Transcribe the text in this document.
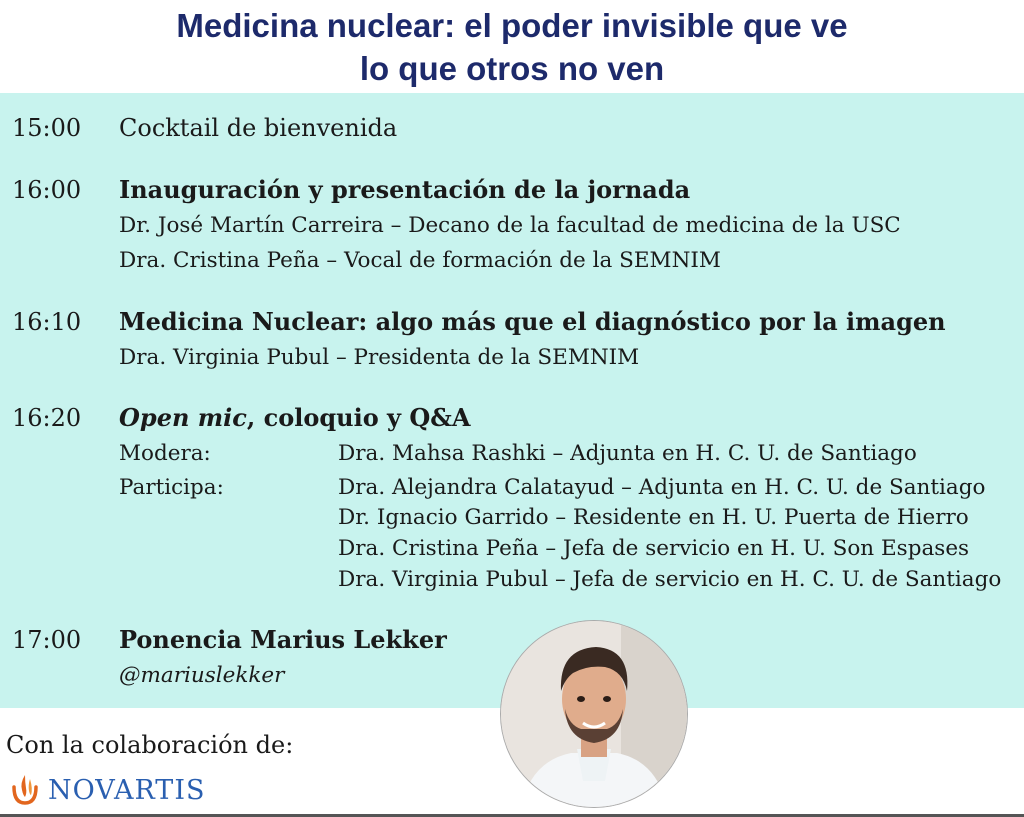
Medicina nuclear: el poder invisible que ve
lo que otros no ven
15:00 Cocktail de bienvenida
16:00 Inauguración y presentación de la jornada
Dr. José Martín Carreira – Decano de la facultad de medicina de la USC
Dra. Cristina Peña – Vocal de formación de la SEMNIM
16:10 Medicina Nuclear: algo más que el diagnóstico por la imagen
Dra. Virginia Pubul – Presidenta de la SEMNIM
16:20 Open mic, coloquio y Q&A
Modera:	Dra. Mahsa Rashki – Adjunta en H. C. U. de Santiago
Participa:	Dra. Alejandra Calatayud – Adjunta en H. C. U. de Santiago
Dr. Ignacio Garrido – Residente en H. U. Puerta de Hierro
Dra. Cristina Peña – Jefa de servicio en H. U. Son Espases
Dra. Virginia Pubul – Jefa de servicio en H. C. U. de Santiago
17:00 Ponencia Marius Lekker
@mariuslekker
Con la colaboración de:
NOVARTIS
